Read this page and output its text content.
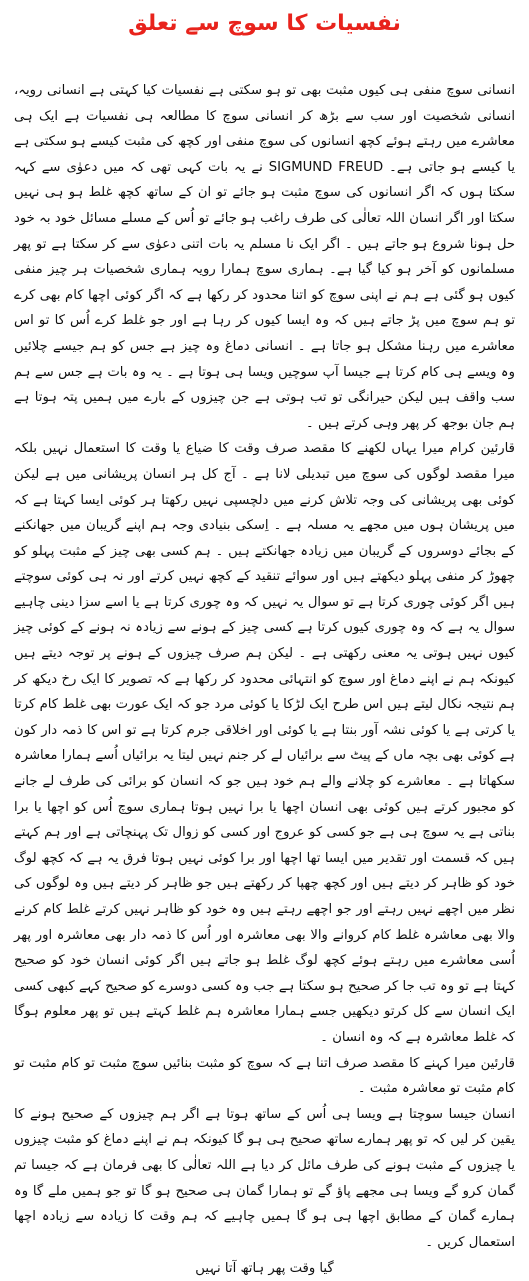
نفسیات کا سوچ سے تعلق

انسانی سوچ منفی ہی کیوں مثبت بھی تو ہو سکتی ہے نفسیات کیا کہتی ہے انسانی رویہ، انسانی شخصیت اور سب سے بڑھ کر انسانی سوچ کا مطالعہ ہی نفسیات ہے ایک ہی معاشرے میں رہتے ہوئے کچھ انسانوں کی سوچ منفی اور کچھ کی مثبت کیسے ہو سکتی ہے یا کیسے ہو جاتی ہے۔ SIGMUND FREUD نے یہ بات کہی تھی کہ میں دعوٰی سے کہہ سکتا ہوں کہ اگر انسانوں کی سوچ مثبت ہو جائے تو ان کے ساتھ کچھ غلط ہو ہی نہیں سکتا اور اگر انسان اللہ تعالٰی کی طرف راغب ہو جائے تو اُس کے مسلے مسائل خود بہ خود حل ہونا شروع ہو جاتے ہیں ۔ اگر ایک نا مسلم یہ بات اتنی دعوٰی سے کر سکتا ہے تو پھر مسلمانوں کو آخر ہو کیا گیا ہے۔ ہماری سوچ ہمارا رویہ ہماری شخصیات ہر چیز منفی کیوں ہو گئی ہے ہم نے اپنی سوچ کو اتنا محدود کر رکھا ہے کہ اگر کوئی اچھا کام بھی کرے تو ہم سوچ میں پڑ جاتے ہیں کہ وہ ایسا کیوں کر رہا ہے اور جو غلط کرے اُس کا تو اس معاشرے میں رہنا مشکل ہو جاتا ہے ۔ انسانی دماغ وہ چیز ہے جس کو ہم جیسے چلائیں وہ ویسے ہی کام کرتا ہے جیسا آپ سوچیں ویسا ہی ہوتا ہے ۔ یہ وہ بات ہے جس سے ہم سب واقف ہیں لیکن حیرانگی تو تب ہوتی ہے جن چیزوں کے بارے میں ہمیں پتہ ہوتا ہے ہم جان بوجھ کر پھر وہی کرتے ہیں ۔

قارئین کرام میرا یہاں لکھنے کا مقصد صرف وقت کا ضیاع یا وقت کا استعمال نہیں بلکہ میرا مقصد لوگوں کی سوچ میں تبدیلی لانا ہے ۔ آج کل ہر انسان پریشانی میں ہے لیکن کوئی بھی پریشانی کی وجہ تلاش کرنے میں دلچسپی نہیں رکھتا ہر کوئی ایسا کہتا ہے کہ میں پریشان ہوں میں مجھے یہ مسلہ ہے ۔ اِسکی بنیادی وجہ ہم اپنے گریبان میں جھانکنے کے بجائے دوسروں کے گریبان میں زیادہ جھانکتے ہیں ۔ ہم کسی بھی چیز کے مثبت پہلو کو چھوڑ کر منفی پہلو دیکھتے ہیں اور سوائے تنقید کے کچھ نہیں کرتے اور نہ ہی کوئی سوچتے ہیں اگر کوئی چوری کرتا ہے تو سوال یہ نہیں کہ وہ چوری کرتا ہے یا اسے سزا دینی چاہیے سوال یہ ہے کہ وہ چوری کیوں کرتا ہے کسی چیز کے ہونے سے زیادہ نہ ہونے کے کوئی چیز کیوں نہیں ہوتی یہ معنی رکھتی ہے ۔ لیکن ہم صرف چیزوں کے ہونے پر توجہ دیتے ہیں کیونکہ ہم نے اپنے دماغ اور سوچ کو انتہائی محدود کر رکھا ہے کہ تصویر کا ایک رخ دیکھ کر ہم نتیجہ نکال لیتے ہیں اس طرح ایک لڑکا یا کوئی مرد جو کہ ایک عورت بھی غلط کام کرتا یا کرتی ہے یا کوئی نشہ آور بنتا ہے یا کوئی اور اخلاقی جرم کرتا ہے تو اس کا ذمہ دار کون ہے کوئی بھی بچہ ماں کے پیٹ سے برائیاں لے کر جنم نہیں لیتا یہ برائیاں اُسے ہمارا معاشرہ سکھاتا ہے ۔ معاشرے کو چلانے والے ہم خود ہیں جو کہ انسان کو برائی کی طرف لے جانے کو مجبور کرتے ہیں کوئی بھی انسان اچھا یا برا نہیں ہوتا ہماری سوچ اُس کو اچھا یا برا بناتی ہے یہ سوچ ہی ہے جو کسی کو عروج اور کسی کو زوال تک پہنچاتی ہے اور ہم کہتے ہیں کہ قسمت اور تقدیر میں ایسا تھا اچھا اور برا کوئی نہیں ہوتا فرق یہ ہے کہ کچھ لوگ خود کو ظاہر کر دیتے ہیں اور کچھ چھپا کر رکھتے ہیں جو ظاہر کر دیتے ہیں وہ لوگوں کی نظر میں اچھے نہیں رہتے اور جو اچھے رہتے ہیں وہ خود کو ظاہر نہیں کرتے غلط کام کرنے والا بھی معاشرہ غلط کام کروانے والا بھی معاشرہ اور اُس کا ذمہ دار بھی معاشرہ اور پھر اُسی معاشرے میں رہتے ہوئے کچھ لوگ غلط ہو جاتے ہیں اگر کوئی انسان خود کو صحیح کہتا ہے تو وہ تب جا کر صحیح ہو سکتا ہے جب وہ کسی دوسرے کو صحیح کہے کبھی کسی ایک انسان سے کل کرتو دیکھیں جسے ہمارا معاشرہ ہم غلط کہتے ہیں تو پھر معلوم ہوگا کہ غلط معاشرہ ہے کہ وہ انسان ۔

قارئین میرا کہنے کا مقصد صرف اتنا ہے کہ سوچ کو مثبت بنائیں سوچ مثبت تو کام مثبت تو کام مثبت تو معاشرہ مثبت ۔

انسان جیسا سوچتا ہے ویسا ہی اُس کے ساتھ ہوتا ہے اگر ہم چیزوں کے صحیح ہونے کا یقین کر لیں کہ تو پھر ہمارے ساتھ صحیح ہی ہو گا کیونکہ ہم نے اپنے دماغ کو مثبت چیزوں یا چیزوں کے مثبت ہونے کی طرف مائل کر دیا ہے اللہ تعالٰی کا بھی فرمان ہے کہ جیسا تم گمان کرو گے ویسا ہی مجھے پاؤ گے تو ہمارا گمان ہی صحیح ہو گا تو جو ہمیں ملے گا وہ ہمارے گمان کے مطابق اچھا ہی ہو گا ہمیں چاہیے کہ ہم وقت کا زیادہ سے زیادہ اچھا استعمال کریں ۔

گیا وقت پھر ہاتھ آتا نہیں
